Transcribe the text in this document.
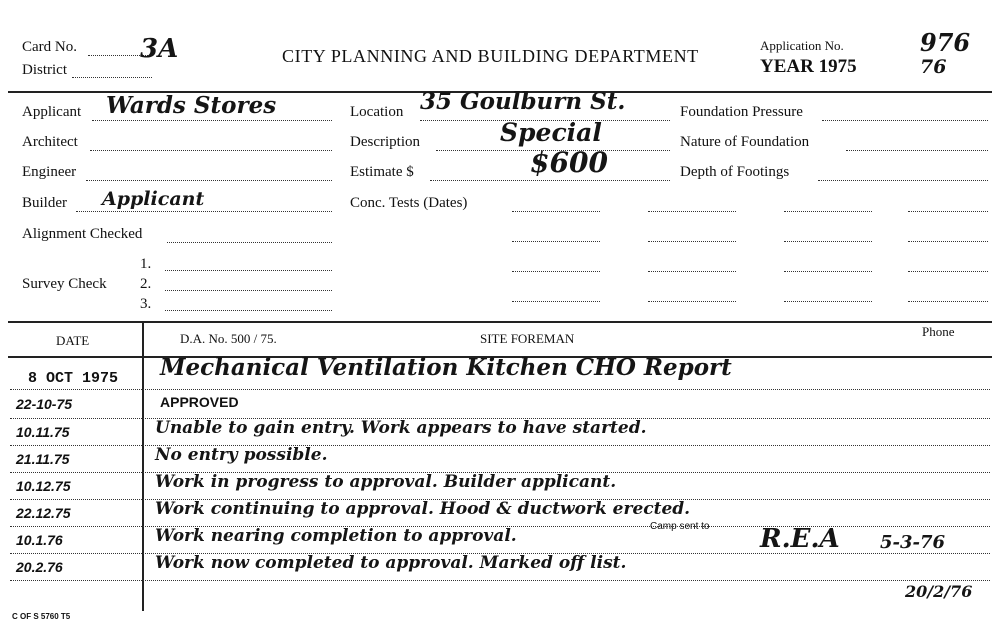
Card No. 3A
District
CITY PLANNING AND BUILDING DEPARTMENT
Application No.	976
YEAR 1975	76
Applicant Wards Stores
Architect
Engineer
Builder Applicant
Alignment Checked
Survey Check
1.
2.
3.
Location 35 Goulburn St.
Description	Special
Estimate $	$600
Conc. Tests (Dates)
Foundation Pressure
Nature of Foundation
Depth of Footings
DATE	D.A. No. 500 / 75.	SITE FOREMAN	Phone
8 OCT 1975 Mechanical Ventilation Kitchen CHO Report
22-10-75	APPROVED
10.11.75	Unable to gain entry. Work appears to have started.
21.11.75	No entry possible.
10.12.75	Work in progress to approval. Builder applicant.
22.12.75	Work continuing to approval. Hood & ductwork erected.
10.1.76	Work nearing completion to approval.
20.2.76	Work now completed to approval. Marked off list.
Camp sent to R.E.A 5-3-76
20/2/76
C OF S 5760 T5
